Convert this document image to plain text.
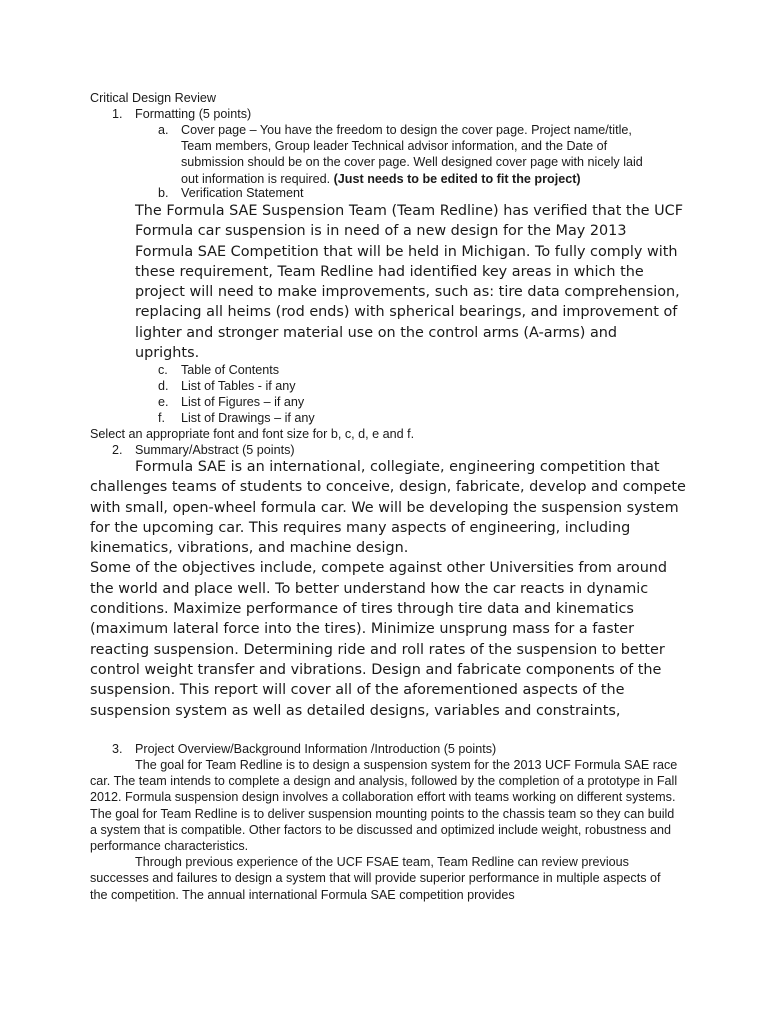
Critical Design Review
1. Formatting (5 points)
a. Cover page – You have the freedom to design the cover page. Project name/title, Team members, Group leader Technical advisor information, and the Date of submission should be on the cover page. Well designed cover page with nicely laid out information is required. (Just needs to be edited to fit the project)
b. Verification Statement
The Formula SAE Suspension Team (Team Redline) has verified that the UCF Formula car suspension is in need of a new design for the May 2013 Formula SAE Competition that will be held in Michigan. To fully comply with these requirement, Team Redline had identified key areas in which the project will need to make improvements, such as: tire data comprehension, replacing all heims (rod ends) with spherical bearings, and improvement of lighter and stronger material use on the control arms (A-arms) and uprights.
c. Table of Contents
d. List of Tables - if any
e. List of Figures – if any
f. List of Drawings – if any
Select an appropriate font and font size for b, c, d, e and f.
2. Summary/Abstract (5 points)

Formula SAE is an international, collegiate, engineering competition that challenges teams of students to conceive, design, fabricate, develop and compete with small, open-wheel formula car. We will be developing the suspension system for the upcoming car. This requires many aspects of engineering, including kinematics, vibrations, and machine design.

Some of the objectives include, compete against other Universities from around the world and place well. To better understand how the car reacts in dynamic conditions. Maximize performance of tires through tire data and kinematics (maximum lateral force into the tires). Minimize unsprung mass for a faster reacting suspension. Determining ride and roll rates of the suspension to better control weight transfer and vibrations. Design and fabricate components of the suspension. This report will cover all of the aforementioned aspects of the suspension system as well as detailed designs, variables and constraints,

3. Project Overview/Background Information /Introduction (5 points)

The goal for Team Redline is to design a suspension system for the 2013 UCF Formula SAE race car. The team intends to complete a design and analysis, followed by the completion of a prototype in Fall 2012. Formula suspension design involves a collaboration effort with teams working on different systems. The goal for Team Redline is to deliver suspension mounting points to the chassis team so they can build a system that is compatible. Other factors to be discussed and optimized include weight, robustness and performance characteristics.

Through previous experience of the UCF FSAE team, Team Redline can review previous successes and failures to design a system that will provide superior performance in multiple aspects of the competition. The annual international Formula SAE competition provides
